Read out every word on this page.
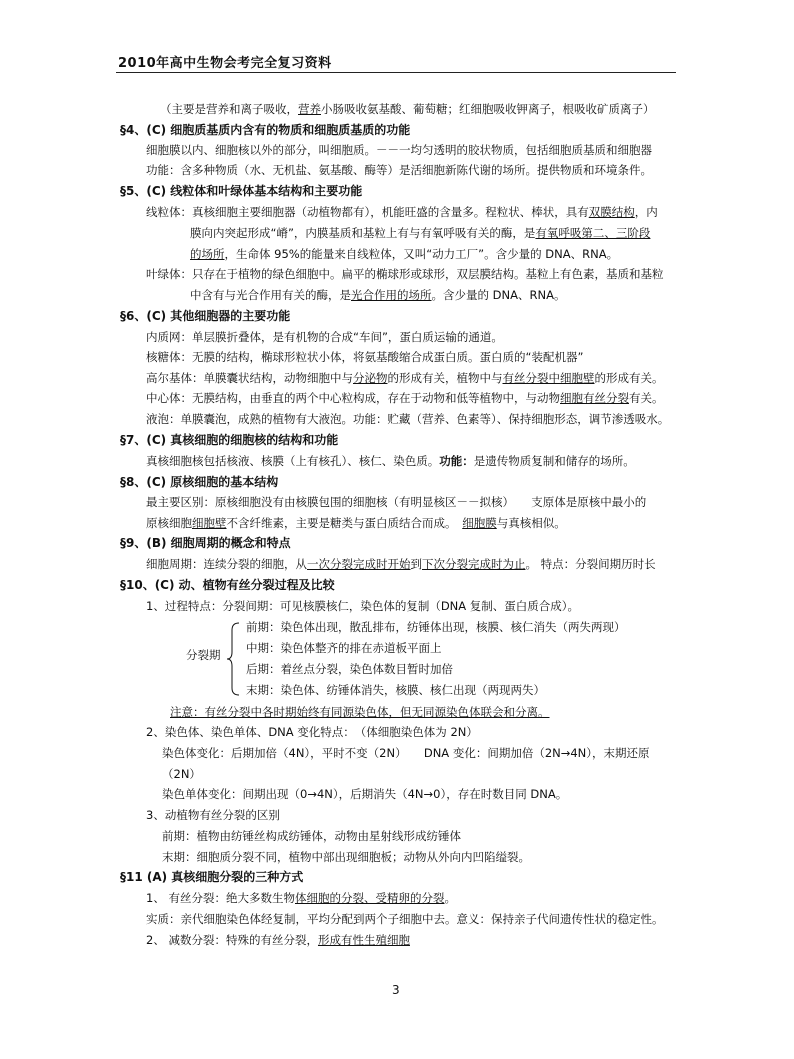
2010年高中生物会考完全复习资料
（主要是营养和离子吸收，营养小肠吸收氨基酸、葡萄糖；红细胞吸收钾离子，根吸收矿质离子）
§4、(C) 细胞质基质内含有的物质和细胞质基质的功能
细胞膜以内、细胞核以外的部分，叫细胞质。－－一均匀透明的胶状物质，包括细胞质基质和细胞器
功能：含多种物质（水、无机盐、氨基酸、酶等）是活细胞新陈代谢的场所。提供物质和环境条件。
§5、(C) 线粒体和叶绿体基本结构和主要功能
线粒体：真核细胞主要细胞器（动植物都有），机能旺盛的含量多。程粒状、棒状，具有双膜结构，内
膜向内突起形成“嵴”，内膜基质和基粒上有与有氧呼吸有关的酶，是有氧呼吸第二、三阶段
的场所，生命体 95%的能量来自线粒体，又叫“动力工厂”。含少量的 DNA、RNA。
叶绿体：只存在于植物的绿色细胞中。扁平的椭球形或球形，双层膜结构。基粒上有色素，基质和基粒
中含有与光合作用有关的酶，是光合作用的场所。含少量的 DNA、RNA。
§6、(C) 其他细胞器的主要功能
内质网：单层膜折叠体，是有机物的合成“车间”，蛋白质运输的通道。
核糖体：无膜的结构，椭球形粒状小体，将氨基酸缩合成蛋白质。蛋白质的“装配机器”
高尔基体：单膜囊状结构，动物细胞中与分泌物的形成有关，植物中与有丝分裂中细胞壁的形成有关。
中心体：无膜结构，由垂直的两个中心粒构成，存在于动物和低等植物中，与动物细胞有丝分裂有关。
液泡：单膜囊泡，成熟的植物有大液泡。功能：贮藏（营养、色素等）、保持细胞形态，调节渗透吸水。
§7、(C) 真核细胞的细胞核的结构和功能
真核细胞核包括核液、核膜（上有核孔）、核仁、染色质。功能：是遗传物质复制和储存的场所。
§8、(C) 原核细胞的基本结构
最主要区别：原核细胞没有由核膜包围的细胞核（有明显核区－－拟核）　　支原体是原核中最小的
原核细胞细胞壁不含纤维素，主要是糖类与蛋白质结合而成。　细胞膜与真核相似。
§9、(B) 细胞周期的概念和特点
细胞周期：连续分裂的细胞，从一次分裂完成时开始到下次分裂完成时为止。 特点：分裂间期历时长
§10、(C) 动、植物有丝分裂过程及比较
1、过程特点：分裂间期：可见核膜核仁，染色体的复制（DNA 复制、蛋白质合成）。
前期：染色体出现，散乱排布，纺锤体出现，核膜、核仁消失（两失两现）
分裂期 中期：染色体整齐的排在赤道板平面上
后期：着丝点分裂，染色体数目暂时加倍
末期：染色体、纺锤体消失，核膜、核仁出现（两现两失）
注意：有丝分裂中各时期始终有同源染色体，但无同源染色体联会和分离。
2、染色体、染色单体、DNA 变化特点：　（体细胞染色体为 2N）
染色体变化：后期加倍（4N），平时不变（2N）　　DNA 变化：间期加倍（2N→4N），末期还原
（2N）
染色单体变化：间期出现（0→4N），后期消失（4N→0），存在时数目同 DNA。
3、动植物有丝分裂的区别
前期：植物由纺锤丝构成纺锤体，动物由星射线形成纺锤体
末期：细胞质分裂不同，植物中部出现细胞板；动物从外向内凹陷缢裂。
§11 (A) 真核细胞分裂的三种方式
1、 有丝分裂：绝大多数生物体细胞的分裂、受精卵的分裂。
实质：亲代细胞染色体经复制，平均分配到两个子细胞中去。意义：保持亲子代间遗传性状的稳定性。
2、 减数分裂：特殊的有丝分裂，形成有性生殖细胞
3
